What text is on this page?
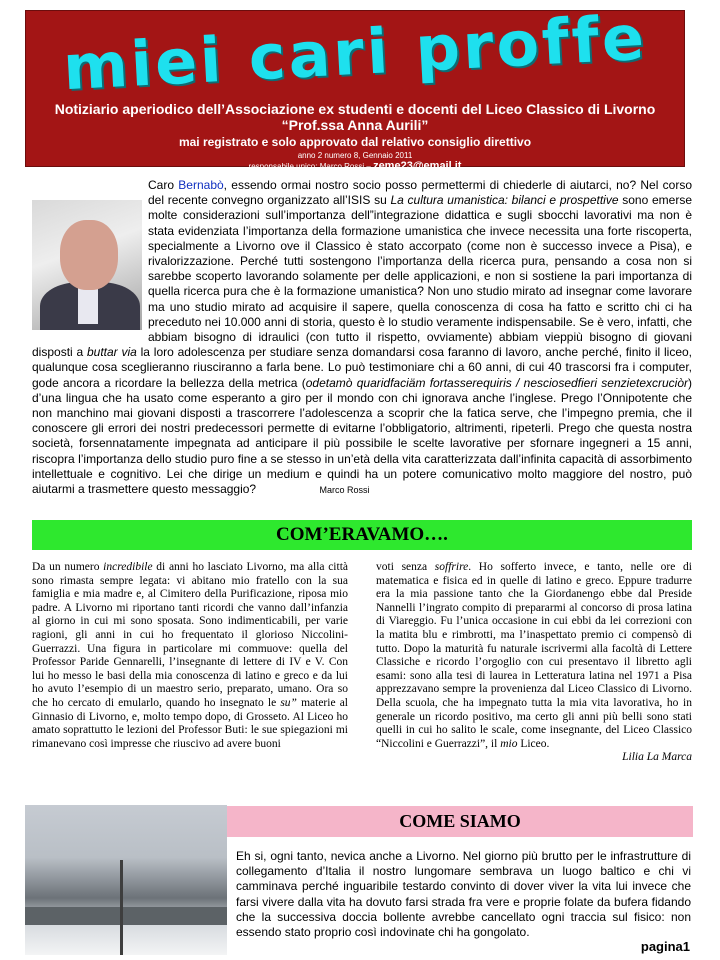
miei cari proffe
Notiziario aperiodico dell’Associazione ex studenti e docenti del Liceo Classico di Livorno “Prof.ssa Anna Aurili”
mai registrato e solo approvato dal relativo consiglio direttivo
anno 2 numero 8, Gennaio 2011
responsabile unico: Marco Rossi – zeme23@email.it
Caro Bernabò, essendo ormai nostro socio posso permettermi di chiederle di aiutarci, no? Nel corso del recente convegno organizzato all’ISIS su La cultura umanistica: bilanci e prospettive sono emerse molte considerazioni sull’importanza dell”integrazione didattica e sugli sbocchi lavorativi ma non è stata evidenziata l’importanza della formazione umanistica che invece necessita una forte riscoperta, specialmente a Livorno ove il Classico è stato accorpato (come non è successo invece a Pisa), e rivalorizzazione. Perché tutti sostengono l’importanza della ricerca pura, pensando a cosa non si sarebbe scoperto lavorando solamente per delle applicazioni, e non si sostiene la pari importanza di quella ricerca pura che è la formazione umanistica? Non uno studio mirato ad insegnar come lavorare ma uno studio mirato ad acquisire il sapere, quella conoscenza di cosa ha fatto e scritto chi ci ha preceduto nei 10.000 anni di storia, questo è lo studio veramente indispensabile. Se è vero, infatti, che abbiam bisogno di idraulici (con tutto il rispetto, ovviamente) abbiam vieppiù bisogno di giovani disposti a buttar via la loro adolescenza per studiare senza domandarsi cosa faranno di lavoro, anche perché, finito il liceo, qualunque cosa sceglieranno riusciranno a farla bene. Lo può testimoniare chi a 60 anni, di cui 40 trascorsi fra i computer, gode ancora a ricordare la bellezza della metrica (odetamò quaridfaciäm fortasserequiris / nesciosedfieri senzietexcruciòr) d’una lingua che ha usato come esperanto a giro per il mondo con chi ignorava anche l’inglese. Prego l’Onnipotente che non manchino mai giovani disposti a trascorrere l’adolescenza a scoprir che la fatica serve, che l’impegno premia, che il conoscere gli errori dei nostri predecessori permette di evitarne l’obbligatorio, altrimenti, ripeterli. Prego che questa nostra società, forsennatamente impegnata ad anticipare il più possibile le scelte lavorative per sfornare ingegneri a 15 anni, riscopra l’importanza dello studio puro fine a se stesso in un’età della vita caratterizzata dall’infinita capacità di assorbimento intellettuale e cognitivo. Lei che dirige un medium e quindi ha un potere comunicativo molto maggiore del nostro, può aiutarmi a trasmettere questo messaggio?	Marco Rossi
COM’ERAVAMO….
Da un numero incredibile di anni ho lasciato Livorno, ma alla città sono rimasta sempre legata: vi abitano mio fratello con la sua famiglia e mia madre e, al Cimitero della Purificazione, riposa mio padre. A Livorno mi riportano tanti ricordi che vanno dall’infanzia al giorno in cui mi sono sposata. Sono indimenticabili, per varie ragioni, gli anni in cui ho frequentato il glorioso Niccolini-Guerrazzi. Una figura in particolare mi commuove: quella del Professor Paride Gennarelli, l’insegnante di lettere di IV e V. Con lui ho messo le basi della mia conoscenza di latino e greco e da lui ho avuto l’esempio di un maestro serio, preparato, umano. Ora so che ho cercato di emularlo, quando ho insegnato le su” materie al Ginnasio di Livorno, e, molto tempo dopo, di Grosseto. Al Liceo ho amato soprattutto le lezioni del Professor Buti: le sue spiegazioni mi rimanevano così impresse che riuscivo ad avere buoni
voti senza soffrire. Ho sofferto invece, e tanto, nelle ore di matematica e fisica ed in quelle di latino e greco. Eppure tradurre era la mia passione tanto che la Giordanengo ebbe dal Preside Nannelli l’ingrato compito di prepararmi al concorso di prosa latina di Viareggio. Fu l’unica occasione in cui ebbi da lei correzioni con la matita blu e rimbrotti, ma l’inaspettato premio ci compensò di tutto. Dopo la maturità fu naturale iscrivermi alla facoltà di Lettere Classiche e ricordo l’orgoglio con cui presentavo il libretto agli esami: sono alla tesi di laurea in Letteratura latina nel 1971 a Pisa apprezzavano sempre la provenienza dal Liceo Classico di Livorno. Della scuola, che ha impegnato tutta la mia vita lavorativa, ho in generale un ricordo positivo, ma certo gli anni più belli sono stati quelli in cui ho salito le scale, come insegnante, del Liceo Classico “Niccolini e Guerrazzi”, il mio Liceo.
Lilia La Marca
COME SIAMO
Eh si, ogni tanto, nevica anche a Livorno. Nel giorno più brutto per le infrastrutture di collegamento d’Italia il nostro lungomare sembrava un luogo baltico e chi vi camminava perché inguaribile testardo convinto di dover viver la vita lui invece che farsi vivere dalla vita ha dovuto farsi strada fra vere e proprie folate da bufera fidando che la successiva doccia bollente avrebbe cancellato ogni traccia sul fisico: non essendo stato proprio così indovinate chi ha gongolato.
pagina1
